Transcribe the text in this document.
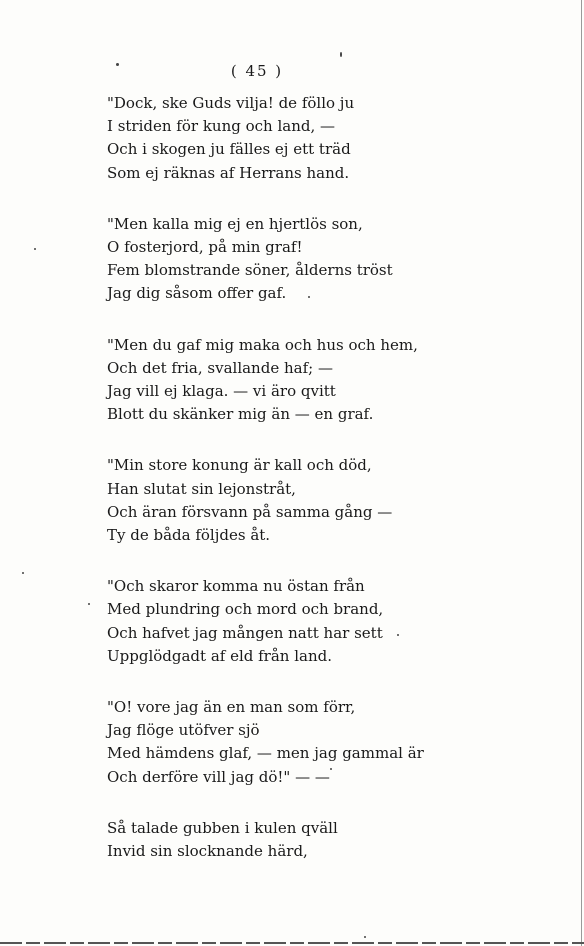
( 45 )
"Dock, ske Guds vilja! de föllo ju
I striden för kung och land, —
Och i skogen ju fälles ej ett träd
Som ej räknas af Herrans hand.
"Men kalla mig ej en hjertlös son,
O fosterjord, på min graf!
Fem blomstrande söner, ålderns tröst
Jag dig såsom offer gaf.
"Men du gaf mig maka och hus och hem,
Och det fria, svallande haf; —
Jag vill ej klaga. — vi äro qvitt
Blott du skänker mig än — en graf.
"Min store konung är kall och död,
Han slutat sin lejonstråt,
Och äran försvann på samma gång —
Ty de båda följdes åt.
"Och skaror komma nu östan från
Med plundring och mord och brand,
Och hafvet jag mången natt har sett
Uppglödgadt af eld från land.
"O! vore jag än en man som förr,
Jag flöge utöfver sjö
Med hämdens glaf, — men jag gammal är
Och derföre vill jag dö!" — —
Så talade gubben i kulen qväll
Invid sin slocknande härd,
